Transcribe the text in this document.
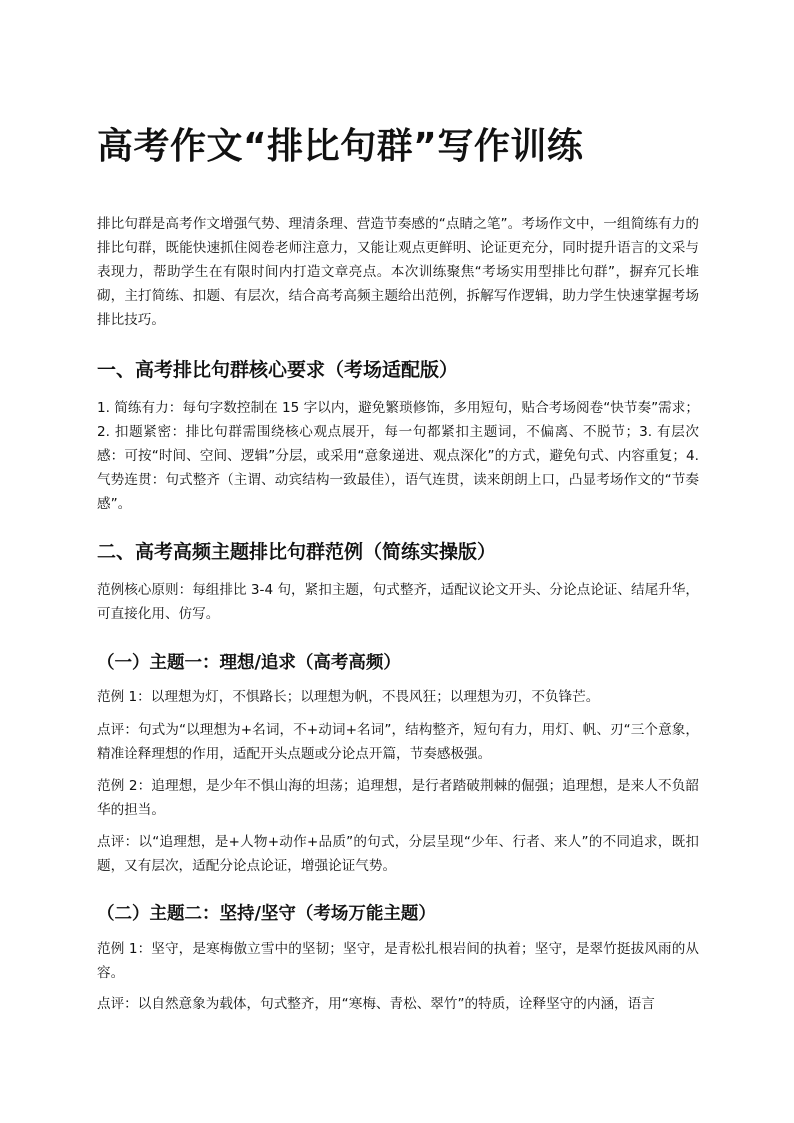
高考作文“排比句群”写作训练

排比句群是高考作文增强气势、理清条理、营造节奏感的“点睛之笔”。考场作文中，一组简练有力的排比句群，既能快速抓住阅卷老师注意力，又能让观点更鲜明、论证更充分，同时提升语言的文采与表现力，帮助学生在有限时间内打造文章亮点。本次训练聚焦“考场实用型排比句群”，摒弃冗长堆砌，主打简练、扣题、有层次，结合高考高频主题给出范例，拆解写作逻辑，助力学生快速掌握考场排比技巧。

一、高考排比句群核心要求（考场适配版）

1. 简练有力：每句字数控制在 15 字以内，避免繁琐修饰，多用短句，贴合考场阅卷“快节奏”需求；2. 扣题紧密：排比句群需围绕核心观点展开，每一句都紧扣主题词，不偏离、不脱节；3. 有层次感：可按“时间、空间、逻辑”分层，或采用“意象递进、观点深化”的方式，避免句式、内容重复；4. 气势连贯：句式整齐（主谓、动宾结构一致最佳），语气连贯，读来朗朗上口，凸显考场作文的“节奏感”。

二、高考高频主题排比句群范例（简练实操版）

范例核心原则：每组排比 3-4 句，紧扣主题，句式整齐，适配议论文开头、分论点论证、结尾升华，可直接化用、仿写。

（一）主题一：理想/追求（高考高频）

范例 1：以理想为灯，不惧路长；以理想为帆，不畏风狂；以理想为刃，不负锋芒。

点评：句式为“以理想为+名词，不+动词+名词”，结构整齐，短句有力，用灯、帆、刃“三个意象，精准诠释理想的作用，适配开头点题或分论点开篇，节奏感极强。

范例 2：追理想，是少年不惧山海的坦荡；追理想，是行者踏破荆棘的倔强；追理想，是来人不负韶华的担当。

点评：以“追理想，是+人物+动作+品质”的句式，分层呈现“少年、行者、来人”的不同追求，既扣题，又有层次，适配分论点论证，增强论证气势。

（二）主题二：坚持/坚守（考场万能主题）

范例 1：坚守，是寒梅傲立雪中的坚韧；坚守，是青松扎根岩间的执着；坚守，是翠竹挺拔风雨的从容。

点评：以自然意象为载体，句式整齐，用“寒梅、青松、翠竹”的特质，诠释坚守的内涵，语言
